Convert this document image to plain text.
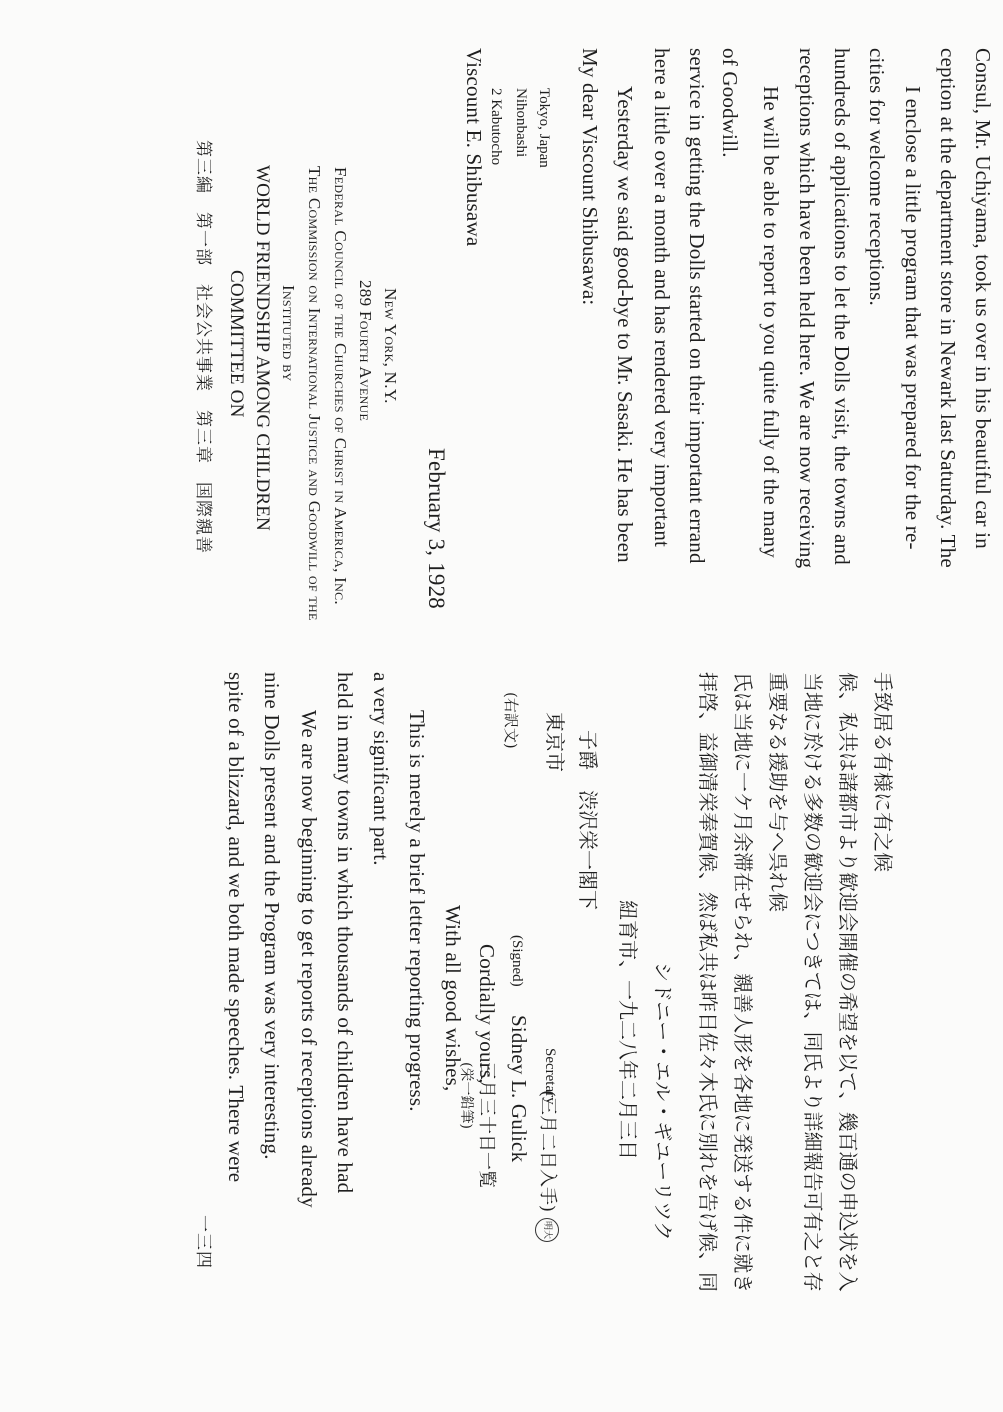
第三編　第一部　社会公共事業　第三章　国際親善
一三四
COMMITTEE ON WORLD FRIENDSHIP AMONG CHILDREN Instituted by The Commission on International Justice and Goodwill of the Federal Council of the Churches of Christ in America, Inc. 289 Fourth Avenue New York, N.Y.
February 3, 1928
Viscount E. Shibusawa 2 Kabutocho Nihonbashi Tokyo, Japan My dear Viscount Shibusawa: Yesterday we said good-bye to Mr. Sasaki. He has been here a little over a month and has rendered very important service in getting the Dolls started on their important errand of Goodwill. He will be able to report to you quite fully of the many receptions which have been held here. We are now receiving hundreds of applications to let the Dolls visit, the towns and cities for welcome receptions. I enclose a little program that was prepared for the re- ception at the department store in Newark last Saturday. The Consul, Mr. Uchiyama, took us over in his beautiful car in
spite of a blizzard, and we both made speeches. There were nine Dolls present and the Program was very interesting. We are now beginning to get reports of receptions already held in many towns in which thousands of children have had a very significant part. This is merely a brief letter reporting progress. With all good wishes, Cordially yours, (Signed)
Sidney L. Gulick Secretary
(栄一鉛筆) 三月三十日一覧 (三月二日入手)明大
(右訳文) 東京市 子爵　渋沢栄一閣下
紐育市、一九二八年二月三日 シドニー・エル・ギユーリツク 拝啓、益御清栄奉賀候、然ば私共は昨日佐々木氏に別れを告げ候、同 氏は当地に一ケ月余滞在せられ、親善人形を各地に発送する件に就き 重要なる援助を与へ呉れ候 当地に於ける多数の歓迎会につきては、同氏より詳細報告可有之と存 候、私共は諸都市より歓迎会開催の希望を以て、幾百通の申込状を入 手致居る有様に有之候
